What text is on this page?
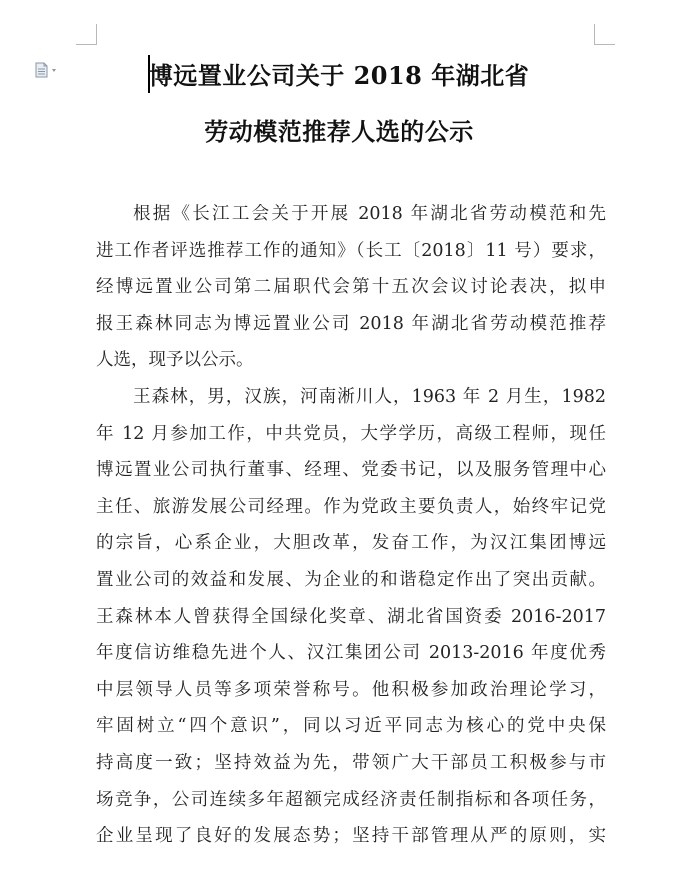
博远置业公司关于 2018 年湖北省
劳动模范推荐人选的公示
根据《长江工会关于开展 2018 年湖北省劳动模范和先
进工作者评选推荐工作的通知》（长工〔2018〕11 号）要求，
经博远置业公司第二届职代会第十五次会议讨论表决，拟申
报王森林同志为博远置业公司 2018 年湖北省劳动模范推荐
人选，现予以公示。
王森林，男，汉族，河南淅川人，1963 年 2 月生，1982
年 12 月参加工作，中共党员，大学学历，高级工程师，现任
博远置业公司执行董事、经理、党委书记，以及服务管理中心
主任、旅游发展公司经理。作为党政主要负责人，始终牢记党
的宗旨，心系企业，大胆改革，发奋工作，为汉江集团博远
置业公司的效益和发展、为企业的和谐稳定作出了突出贡献。
王森林本人曾获得全国绿化奖章、湖北省国资委 2016-2017
年度信访维稳先进个人、汉江集团公司 2013-2016 年度优秀
中层领导人员等多项荣誉称号。他积极参加政治理论学习，
牢固树立“四个意识”，同以习近平同志为核心的党中央保
持高度一致；坚持效益为先，带领广大干部员工积极参与市
场竞争，公司连续多年超额完成经济责任制指标和各项任务，
企业呈现了良好的发展态势；坚持干部管理从严的原则，实
